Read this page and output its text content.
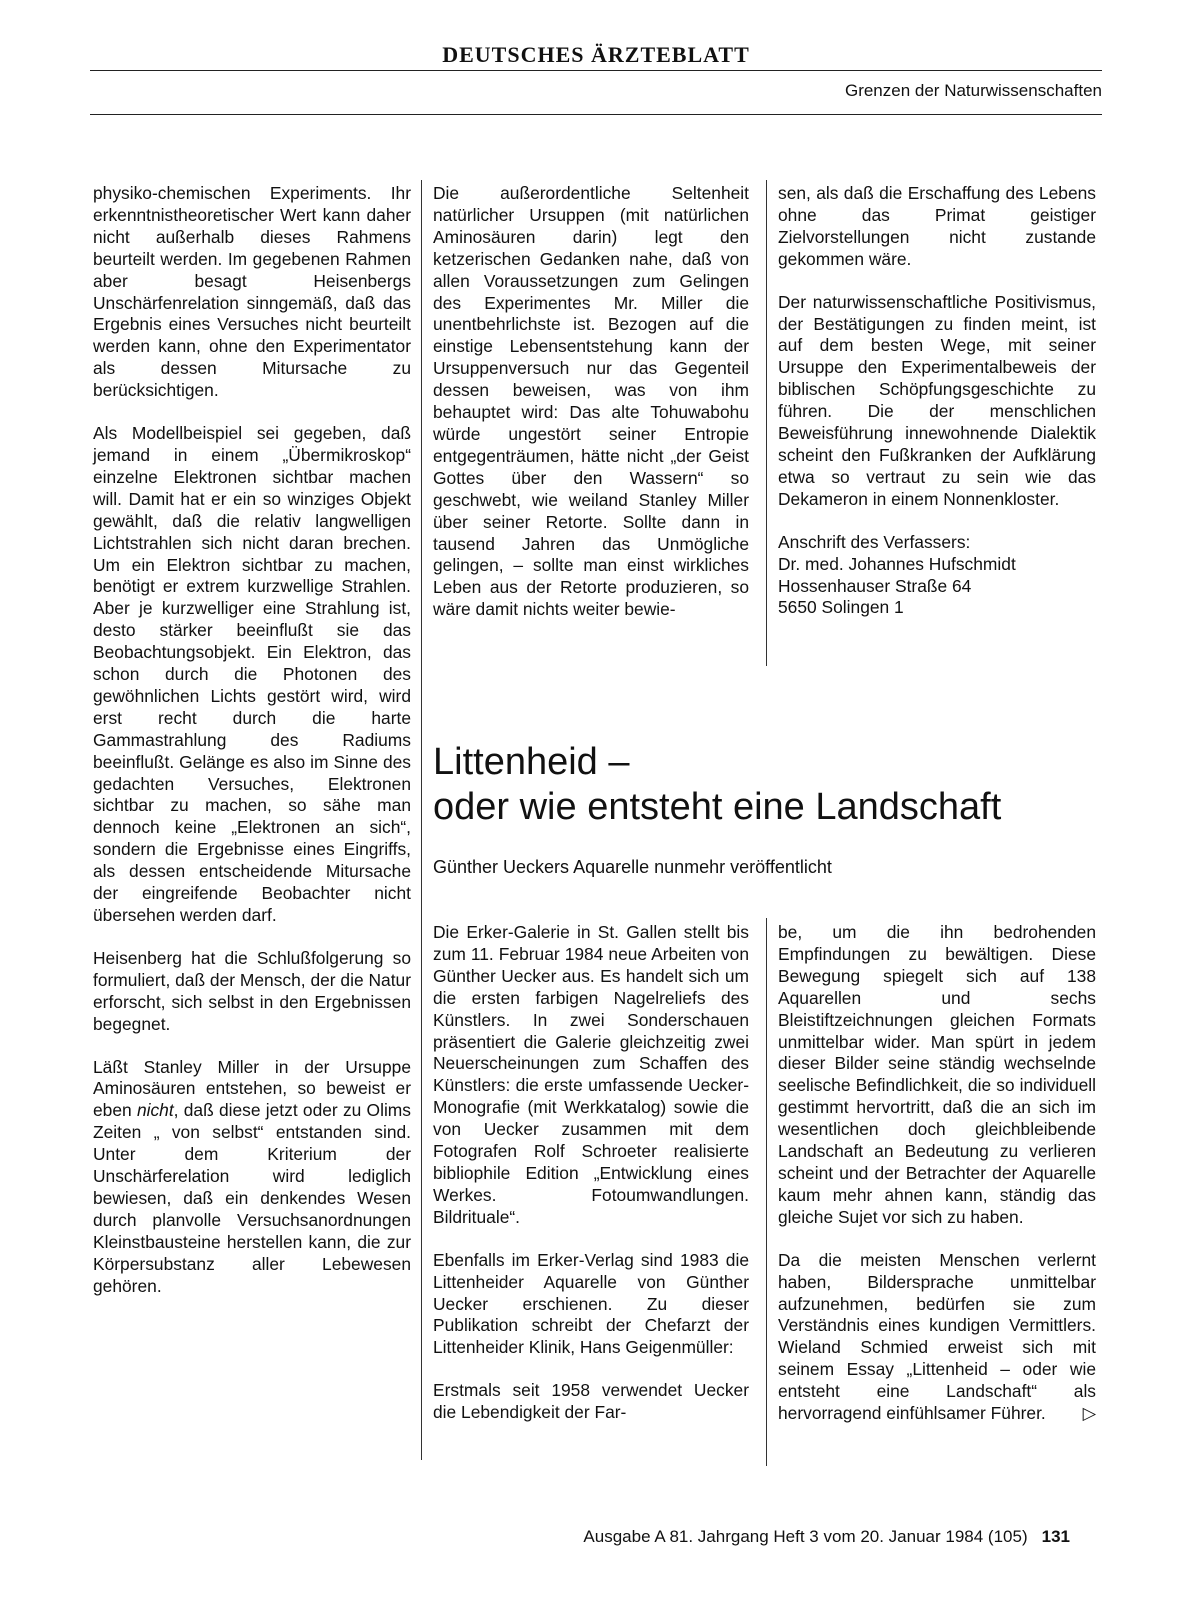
DEUTSCHES ÄRZTEBLATT
Grenzen der Naturwissenschaften

physiko-chemischen Experiments. Ihr erkenntnistheoretischer Wert kann daher nicht außerhalb dieses Rahmens beurteilt werden. Im gegebenen Rahmen aber besagt Heisenbergs Unschärfenrelation sinngemäß, daß das Ergebnis eines Versuches nicht beurteilt werden kann, ohne den Experimentator als dessen Mitursache zu berücksichtigen.

Als Modellbeispiel sei gegeben, daß jemand in einem „Übermikroskop“ einzelne Elektronen sichtbar machen will. Damit hat er ein so winziges Objekt gewählt, daß die relativ langwelligen Lichtstrahlen sich nicht daran brechen. Um ein Elektron sichtbar zu machen, benötigt er extrem kurzwellige Strahlen. Aber je kurzwelliger eine Strahlung ist, desto stärker beeinflußt sie das Beobachtungsobjekt. Ein Elektron, das schon durch die Photonen des gewöhnlichen Lichts gestört wird, wird erst recht durch die harte Gammastrahlung des Radiums beeinflußt. Gelänge es also im Sinne des gedachten Versuches, Elektronen sichtbar zu machen, so sähe man dennoch keine „Elektronen an sich“, sondern die Ergebnisse eines Eingriffs, als dessen entscheidende Mitursache der eingreifende Beobachter nicht übersehen werden darf.

Heisenberg hat die Schlußfolgerung so formuliert, daß der Mensch, der die Natur erforscht, sich selbst in den Ergebnissen begegnet.

Läßt Stanley Miller in der Ursuppe Aminosäuren entstehen, so beweist er eben nicht, daß diese jetzt oder zu Olims Zeiten „ von selbst“ entstanden sind. Unter dem Kriterium der Unschärferelation wird lediglich bewiesen, daß ein denkendes Wesen durch planvolle Versuchsanordnungen Kleinstbausteine herstellen kann, die zur Körpersubstanz aller Lebewesen gehören.

Die außerordentliche Seltenheit natürlicher Ursuppen (mit natürlichen Aminosäuren darin) legt den ketzerischen Gedanken nahe, daß von allen Voraussetzungen zum Gelingen des Experimentes Mr. Miller die unentbehrlichste ist. Bezogen auf die einstige Lebensentstehung kann der Ursuppenversuch nur das Gegenteil dessen beweisen, was von ihm behauptet wird: Das alte Tohuwabohu würde ungestört seiner Entropie entgegenträumen, hätte nicht „der Geist Gottes über den Wassern“ so geschwebt, wie weiland Stanley Miller über seiner Retorte. Sollte dann in tausend Jahren das Unmögliche gelingen, – sollte man einst wirkliches Leben aus der Retorte produzieren, so wäre damit nichts weiter bewie-

sen, als daß die Erschaffung des Lebens ohne das Primat geistiger Zielvorstellungen nicht zustande gekommen wäre.

Der naturwissenschaftliche Positivismus, der Bestätigungen zu finden meint, ist auf dem besten Wege, mit seiner Ursuppe den Experimentalbeweis der biblischen Schöpfungsgeschichte zu führen. Die der menschlichen Beweisführung innewohnende Dialektik scheint den Fußkranken der Aufklärung etwa so vertraut zu sein wie das Dekameron in einem Nonnenkloster.

Anschrift des Verfassers:

Dr. med. Johannes Hufschmidt

Hossenhauser Straße 64

5650 Solingen 1

Littenheid –
oder wie entsteht eine Landschaft
Günther Ueckers Aquarelle nunmehr veröffentlicht

Die Erker-Galerie in St. Gallen stellt bis zum 11. Februar 1984 neue Arbeiten von Günther Uecker aus. Es handelt sich um die ersten farbigen Nagelreliefs des Künstlers. In zwei Sonderschauen präsentiert die Galerie gleichzeitig zwei Neuerscheinungen zum Schaffen des Künstlers: die erste umfassende Uecker-Monografie (mit Werkkatalog) sowie die von Uecker zusammen mit dem Fotografen Rolf Schroeter realisierte bibliophile Edition „Entwicklung eines Werkes. Fotoumwandlungen. Bildrituale“.

Ebenfalls im Erker-Verlag sind 1983 die Littenheider Aquarelle von Günther Uecker erschienen. Zu dieser Publikation schreibt der Chefarzt der Littenheider Klinik, Hans Geigenmüller:

Erstmals seit 1958 verwendet Uecker die Lebendigkeit der Far-

be, um die ihn bedrohenden Empfindungen zu bewältigen. Diese Bewegung spiegelt sich auf 138 Aquarellen und sechs Bleistiftzeichnungen gleichen Formats unmittelbar wider. Man spürt in jedem dieser Bilder seine ständig wechselnde seelische Befindlichkeit, die so individuell gestimmt hervortritt, daß die an sich im wesentlichen doch gleichbleibende Landschaft an Bedeutung zu verlieren scheint und der Betrachter der Aquarelle kaum mehr ahnen kann, ständig das gleiche Sujet vor sich zu haben.

Da die meisten Menschen verlernt haben, Bildersprache unmittelbar aufzunehmen, bedürfen sie zum Verständnis eines kundigen Vermittlers. Wieland Schmied erweist sich mit seinem Essay „Littenheid – oder wie entsteht eine Landschaft“ als hervorragend einfühlsamer Führer. ▷

Ausgabe A 81. Jahrgang Heft 3 vom 20. Januar 1984 (105) 131
